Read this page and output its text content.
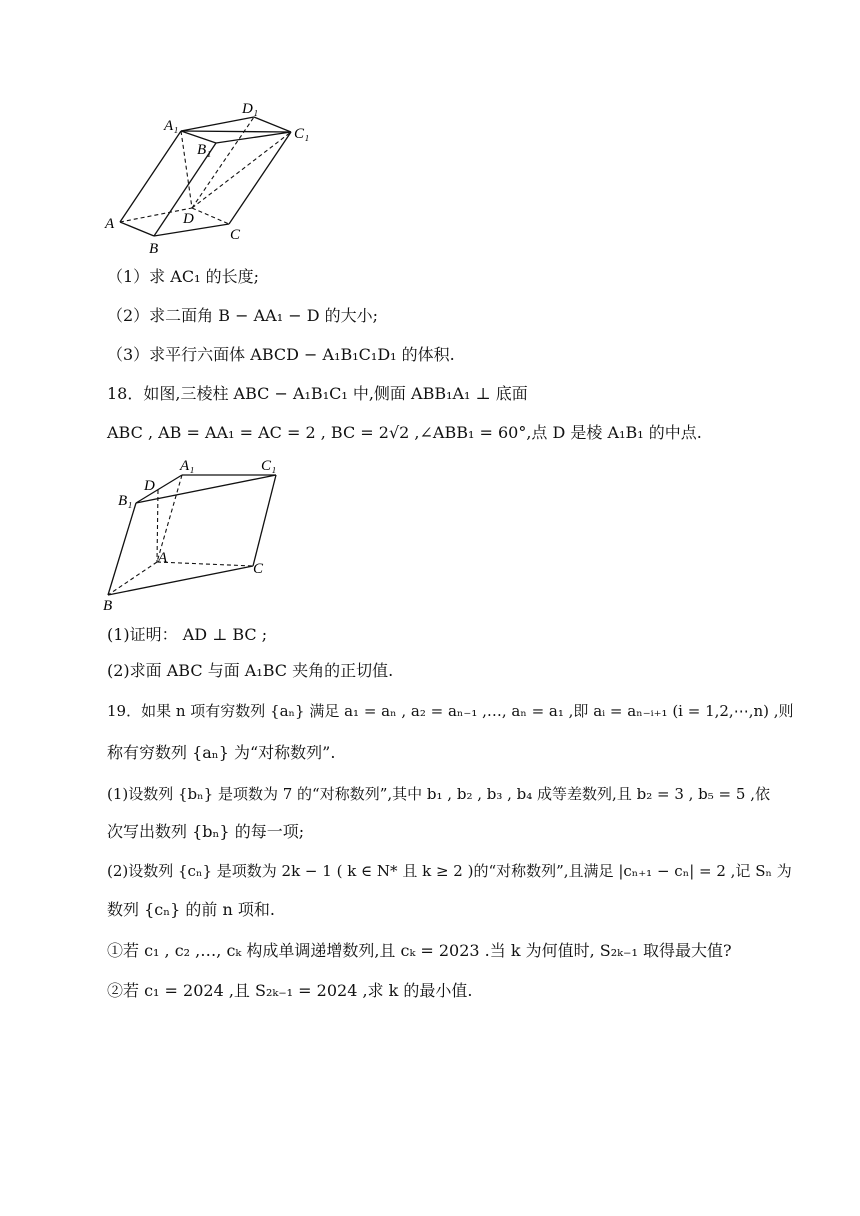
A₁
D₁
C₁
B₁
A	D
B
C
（1）求 AC₁ 的长度;
（2）求二面角 B − AA₁ − D 的大小;
（3）求平行六面体 ABCD − A₁B₁C₁D₁ 的体积.
18．如图,三棱柱 ABC − A₁B₁C₁ 中,侧面 ABB₁A₁ ⊥ 底面
ABC , AB = AA₁ = AC = 2 , BC = 2√2 ,∠ABB₁ = 60°,点 D 是棱 A₁B₁ 的中点.
A₁	C₁
D
B₁
A
C
B
(1)证明： AD ⊥ BC ;
(2)求面 ABC 与面 A₁BC 夹角的正切值.
19．如果 n 项有穷数列 {aₙ} 满足 a₁ = aₙ , a₂ = aₙ₋₁ ,…, aₙ = a₁ ,即 aᵢ = aₙ₋ᵢ₊₁ (i = 1,2,⋯,n) ,则
称有穷数列 {aₙ} 为“对称数列”.
(1)设数列 {bₙ} 是项数为 7 的“对称数列”,其中 b₁ , b₂ , b₃ , b₄ 成等差数列,且 b₂ = 3 , b₅ = 5 ,依
次写出数列 {bₙ} 的每一项;
(2)设数列 {cₙ} 是项数为 2k − 1 ( k ∈ N* 且 k ≥ 2 )的“对称数列”,且满足 |cₙ₊₁ − cₙ| = 2 ,记 Sₙ 为
数列 {cₙ} 的前 n 项和.
①若 c₁ , c₂ ,…, cₖ 构成单调递增数列,且 cₖ = 2023 .当 k 为何值时, S₂ₖ₋₁ 取得最大值?
②若 c₁ = 2024 ,且 S₂ₖ₋₁ = 2024 ,求 k 的最小值.
